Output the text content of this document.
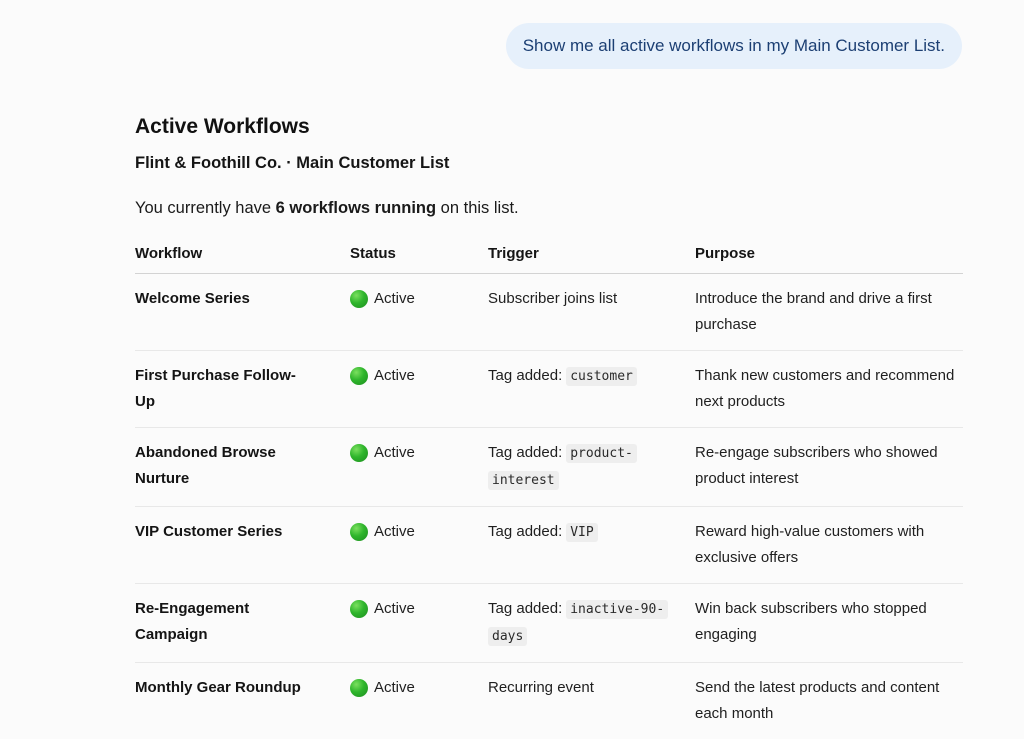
Show me all active workflows in my Main Customer List.
Active Workflows
Flint & Foothill Co. · Main Customer List
You currently have 6 workflows running on this list.
Workflow	Status	Trigger	Purpose
Welcome Series	Active	Subscriber joins list	Introduce the brand and drive a first purchase
First Purchase Follow-Up	Active	Tag added: customer	Thank new customers and recommend next products
Abandoned Browse Nurture	Active	Tag added: product-interest	Re-engage subscribers who showed product interest
VIP Customer Series	Active	Tag added: VIP	Reward high-value customers with exclusive offers
Re-Engagement Campaign	Active	Tag added: inactive-90-days	Win back subscribers who stopped engaging
Monthly Gear Roundup	Active	Recurring event	Send the latest products and content each month
